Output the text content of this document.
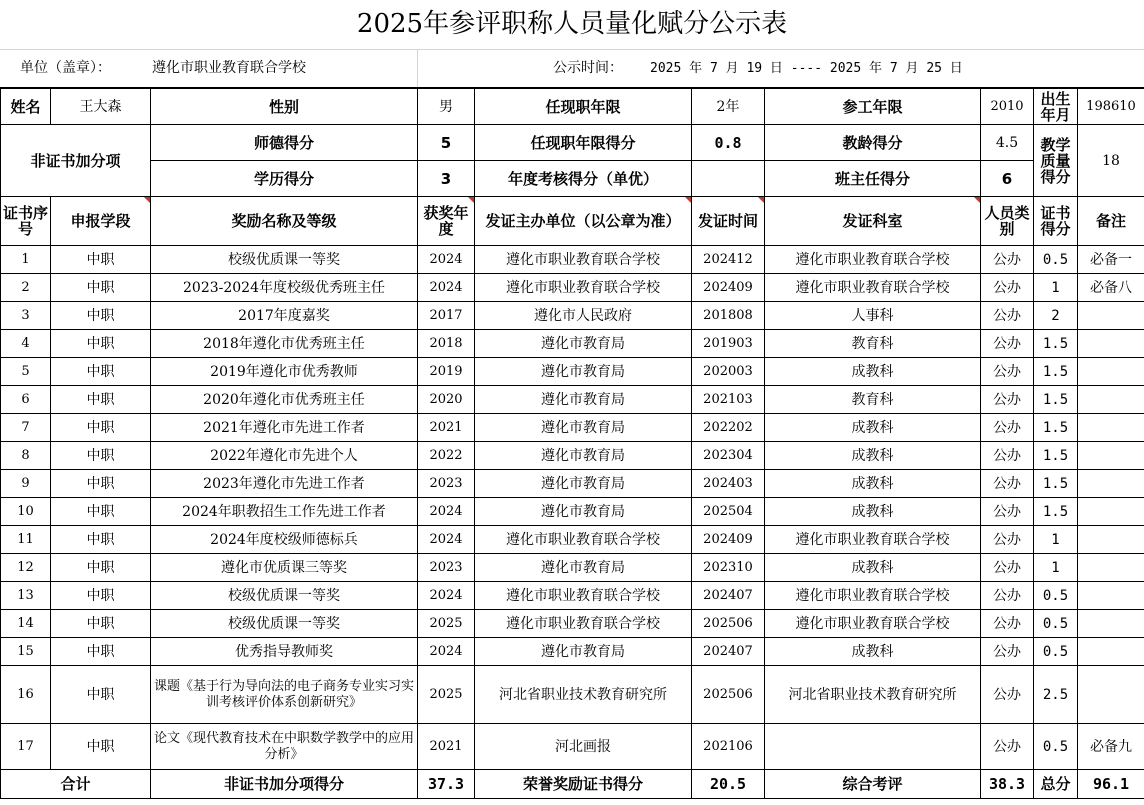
2025年参评职称人员量化赋分公示表
单位（盖章）：	遵化市职业教育联合学校	公示时间： 2025 年 7 月 19 日 ---- 2025 年 7 月 25 日
姓名	王大森	性别	男	任现职年限	2年	参工年限	2010	出生年月	198610
非证书加分项		师德得分	5	任现职年限得分	0.8	教龄得分	4.5	教学质量得分	18
		学历得分	3	年度考核得分（单优）		班主任得分	6		
证书序号	申报学段	奖励名称及等级	获奖年度	发证主办单位（以公章为准）	发证时间	发证科室	人员类别	证书得分	备注
1	中职	校级优质课一等奖	2024	遵化市职业教育联合学校	202412	遵化市职业教育联合学校	公办	0.5	必备一
2	中职	2023-2024年度校级优秀班主任	2024	遵化市职业教育联合学校	202409	遵化市职业教育联合学校	公办	1	必备八
3	中职	2017年度嘉奖	2017	遵化市人民政府	201808	人事科	公办	2	
4	中职	2018年遵化市优秀班主任	2018	遵化市教育局	201903	教育科	公办	1.5	
5	中职	2019年遵化市优秀教师	2019	遵化市教育局	202003	成教科	公办	1.5	
6	中职	2020年遵化市优秀班主任	2020	遵化市教育局	202103	教育科	公办	1.5	
7	中职	2021年遵化市先进工作者	2021	遵化市教育局	202202	成教科	公办	1.5	
8	中职	2022年遵化市先进个人	2022	遵化市教育局	202304	成教科	公办	1.5	
9	中职	2023年遵化市先进工作者	2023	遵化市教育局	202403	成教科	公办	1.5	
10	中职	2024年职教招生工作先进工作者	2024	遵化市教育局	202504	成教科	公办	1.5	
11	中职	2024年度校级师德标兵	2024	遵化市职业教育联合学校	202409	遵化市职业教育联合学校	公办	1	
12	中职	遵化市优质课三等奖	2023	遵化市教育局	202310	成教科	公办	1	
13	中职	校级优质课一等奖	2024	遵化市职业教育联合学校	202407	遵化市职业教育联合学校	公办	0.5	
14	中职	校级优质课一等奖	2025	遵化市职业教育联合学校	202506	遵化市职业教育联合学校	公办	0.5	
15	中职	优秀指导教师奖	2024	遵化市教育局	202407	成教科	公办	0.5	
16	中职	课题《基于行为导向法的电子商务专业实习实训考核评价体系创新研究》	2025	河北省职业技术教育研究所	202506	河北省职业技术教育研究所	公办	2.5	
17	中职	论文《现代教育技术在中职数学教学中的应用分析》	2021	河北画报	202106		公办	0.5	必备九
合计		非证书加分项得分	37.3	荣誉奖励证书得分	20.5	综合考评	38.3	总分	96.1
